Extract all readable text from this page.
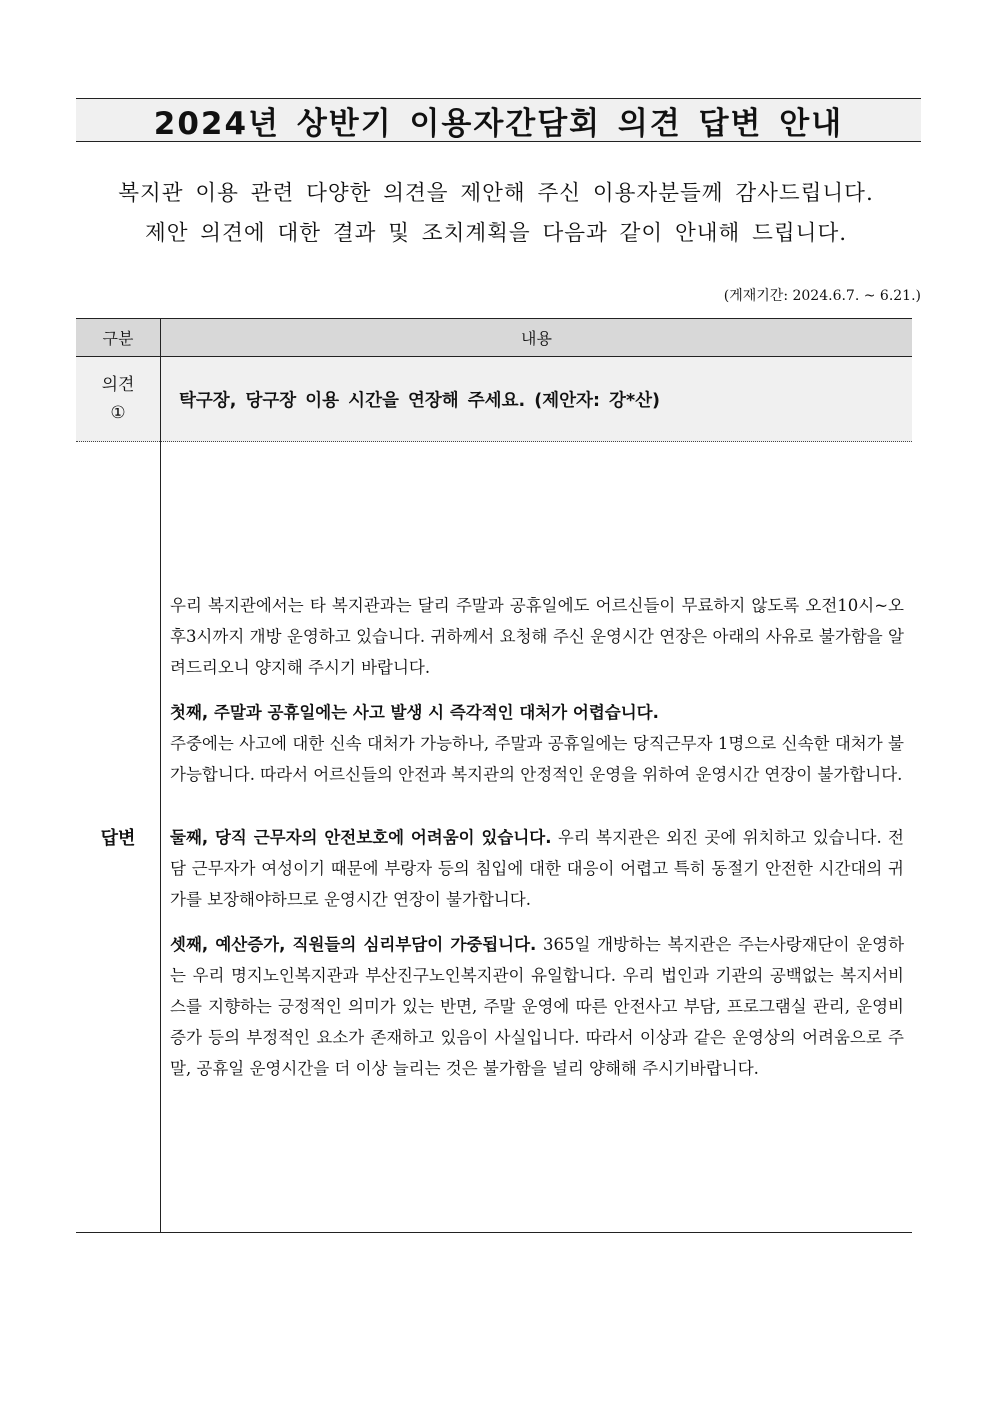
2024년 상반기 이용자간담회 의견 답변 안내

복지관 이용 관련 다양한 의견을 제안해 주신 이용자분들께 감사드립니다.

제안 의견에 대한 결과 및 조치계획을 다음과 같이 안내해 드립니다.

(게재기간: 2024.6.7. ~ 6.21.)
구분	내용

의견
①	탁구장, 당구장 이용 시간을 연장해 주세요. (제안자: 강*산)
답변	우리 복지관에서는 타 복지관과는 달리 주말과 공휴일에도 어르신들이 무료하지 않도록 오전10시~오후3시까지 개방 운영하고 있습니다. 귀하께서 요청해 주신 운영시간 연장은 아래의 사유로 불가함을 알려드리오니 양지해 주시기 바랍니다.

첫째, 주말과 공휴일에는 사고 발생 시 즉각적인 대처가 어렵습니다.
주중에는 사고에 대한 신속 대처가 가능하나, 주말과 공휴일에는 당직근무자 1명으로 신속한 대처가 불가능합니다. 따라서 어르신들의 안전과 복지관의 안정적인 운영을 위하여 운영시간 연장이 불가합니다.

둘째, 당직 근무자의 안전보호에 어려움이 있습니다. 우리 복지관은 외진 곳에 위치하고 있습니다. 전담 근무자가 여성이기 때문에 부랑자 등의 침입에 대한 대응이 어렵고 특히 동절기 안전한 시간대의 귀가를 보장해야하므로 운영시간 연장이 불가합니다.

셋째, 예산증가, 직원들의 심리부담이 가중됩니다. 365일 개방하는 복지관은 주는사랑재단이 운영하는 우리 명지노인복지관과 부산진구노인복지관이 유일합니다. 우리 법인과 기관의 공백없는 복지서비스를 지향하는 긍정적인 의미가 있는 반면, 주말 운영에 따른 안전사고 부담, 프로그램실 관리, 운영비 증가 등의 부정적인 요소가 존재하고 있음이 사실입니다. 따라서 이상과 같은 운영상의 어려움으로 주말, 공휴일 운영시간을 더 이상 늘리는 것은 불가함을 널리 양해해 주시기바랍니다.
